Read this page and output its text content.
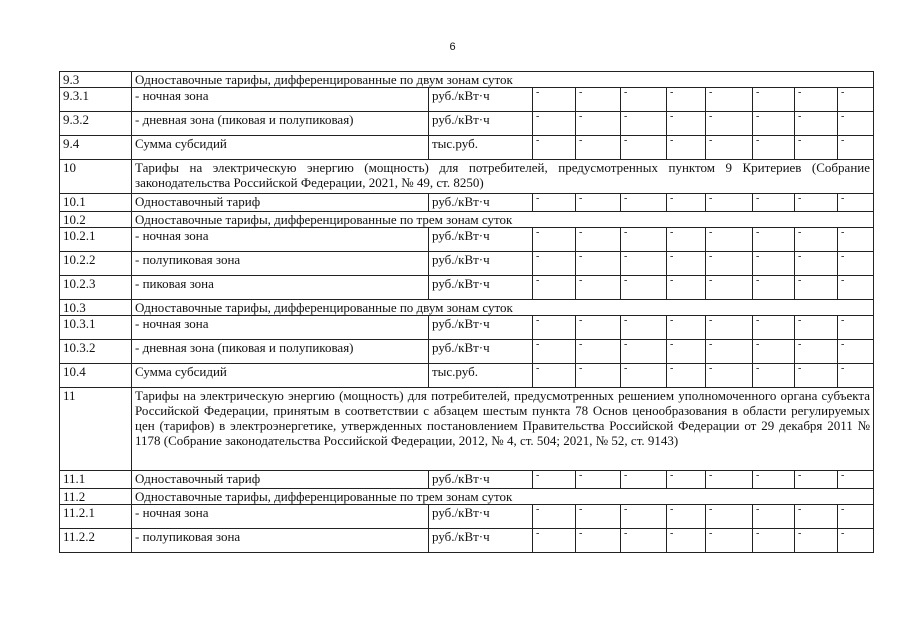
6
9.3	Одноставочные тарифы, дифференцированные по двум зонам суток									
9.3.1	- ночная зона	руб./кВт·ч	-	-	-	-	-	-	-	-
9.3.2	- дневная зона (пиковая и полупиковая)	руб./кВт·ч	-	-	-	-	-	-	-	-
9.4	Сумма субсидий	тыс.руб.	-	-	-	-	-	-	-	-
10	Тарифы на электрическую энергию (мощность) для потребителей, предусмотренных пунктом 9 Критериев (Собрание законодательства Российской Федерации, 2021, № 49, ст. 8250)									
10.1	Одноставочный тариф	руб./кВт·ч	-	-	-	-	-	-	-	-
10.2	Одноставочные тарифы, дифференцированные по трем зонам суток									
10.2.1	- ночная зона	руб./кВт·ч	-	-	-	-	-	-	-	-
10.2.2	- полупиковая зона	руб./кВт·ч	-	-	-	-	-	-	-	-
10.2.3	- пиковая зона	руб./кВт·ч	-	-	-	-	-	-	-	-
10.3	Одноставочные тарифы, дифференцированные по двум зонам суток									
10.3.1	- ночная зона	руб./кВт·ч	-	-	-	-	-	-	-	-
10.3.2	- дневная зона (пиковая и полупиковая)	руб./кВт·ч	-	-	-	-	-	-	-	-
10.4	Сумма субсидий	тыс.руб.	-	-	-	-	-	-	-	-
11	Тарифы на электрическую энергию (мощность) для потребителей, предусмотренных решением уполномоченного органа субъекта Российской Федерации, принятым в соответствии с абзацем шестым пункта 78 Основ ценообразования в области регулируемых цен (тарифов) в электроэнергетике, утвержденных постановлением Правительства Российской Федерации от 29 декабря 2011 № 1178 (Собрание законодательства Российской Федерации, 2012, № 4, ст. 504; 2021, № 52, ст. 9143)									
11.1	Одноставочный тариф	руб./кВт·ч	-	-	-	-	-	-	-	-
11.2	Одноставочные тарифы, дифференцированные по трем зонам суток									
11.2.1	- ночная зона	руб./кВт·ч	-	-	-	-	-	-	-	-
11.2.2	- полупиковая зона	руб./кВт·ч	-	-	-	-	-	-	-	-
